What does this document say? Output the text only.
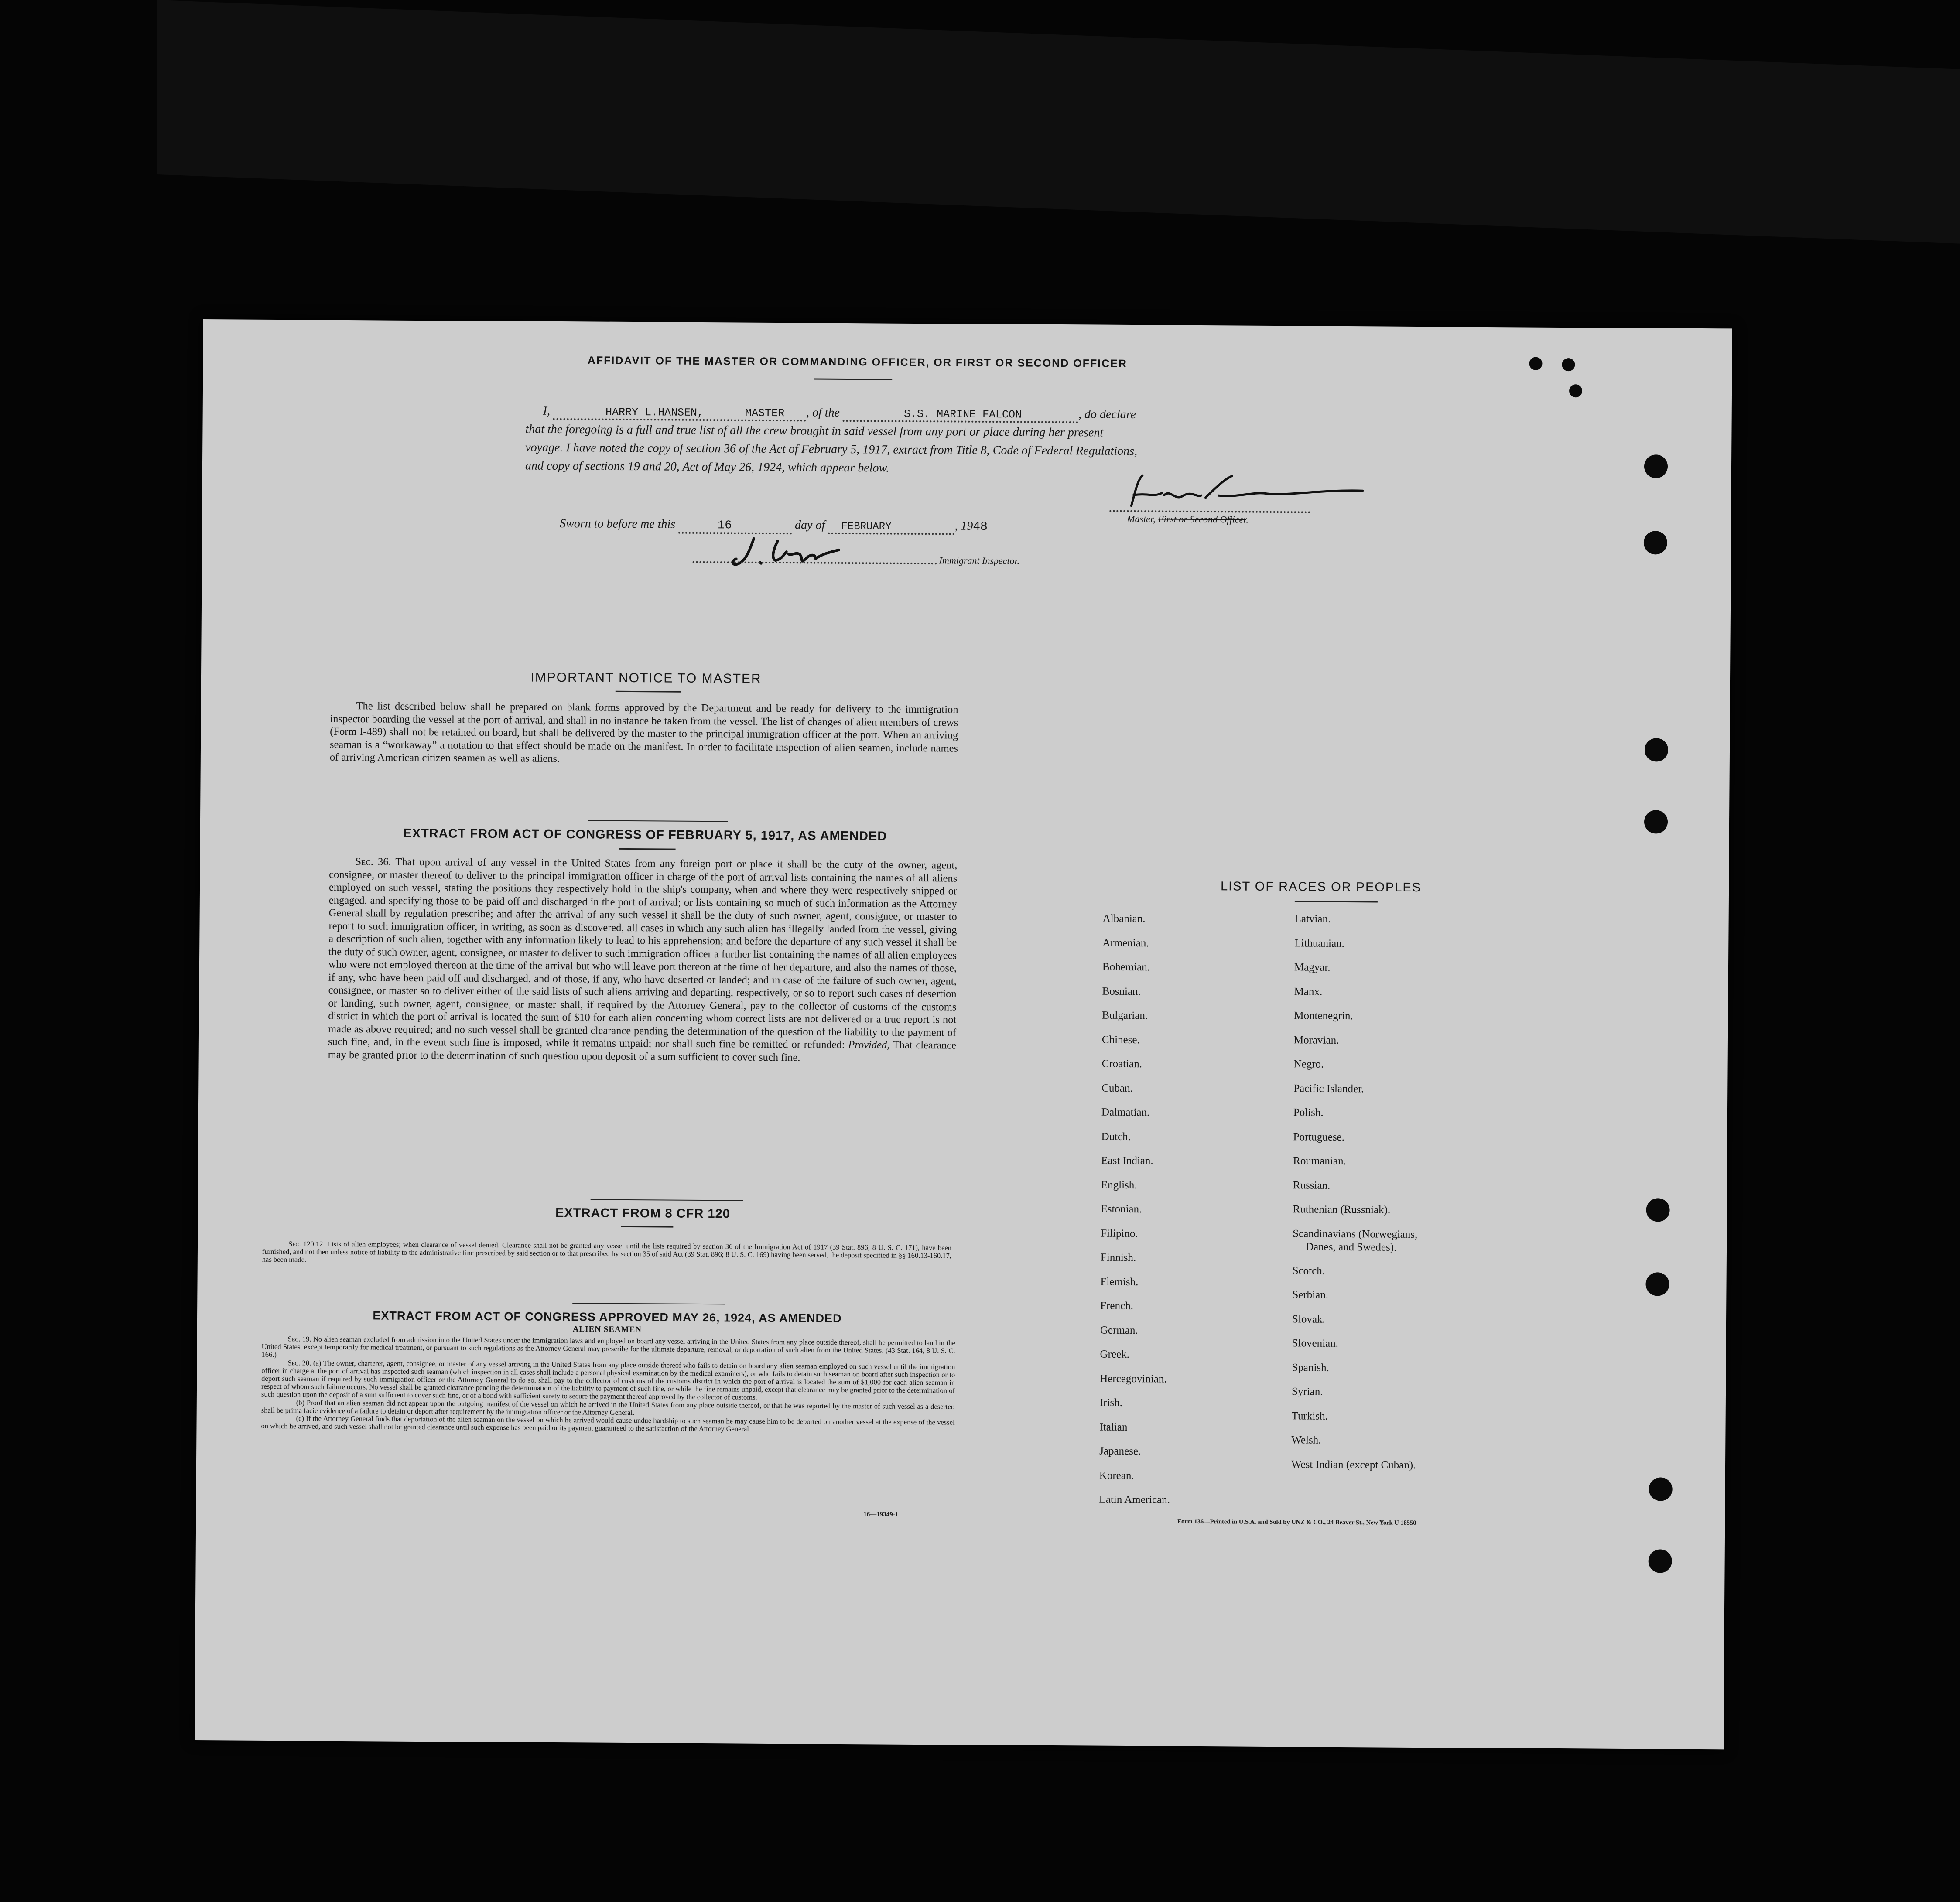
AFFIDAVIT OF THE MASTER OR COMMANDING OFFICER, OR FIRST OR SECOND OFFICER
I,	HARRY L.HANSEN,	MASTER , of the	S.S. MARINE FALCON	, do declare
that the foregoing is a full and true list of all the crew brought in said vessel from any port or place during her present
voyage. I have noted the copy of section 36 of the Act of February 5, 1917, extract from Title 8, Code of Federal Regulations,
and copy of sections 19 and 20, Act of May 26, 1924, which appear below.
Master, First or Second Officer.
Sworn to before me this	16	day of FEBRUARY	, 1948
Immigrant Inspector.
IMPORTANT NOTICE TO MASTER
The list described below shall be prepared on blank forms approved by the Department and be ready for delivery to the immigration inspector boarding the vessel at the port of arrival, and shall in no instance be taken from the vessel. The list of changes of alien members of crews (Form I-489) shall not be retained on board, but shall be delivered by the master to the principal immigration officer at the port. When an arriving seaman is a “workaway” a notation to that effect should be made on the manifest. In order to facilitate inspection of alien seamen, include names of arriving American citizen seamen as well as aliens.
EXTRACT FROM ACT OF CONGRESS OF FEBRUARY 5, 1917, AS AMENDED
Sec. 36. That upon arrival of any vessel in the United States from any foreign port or place it shall be the duty of the owner, agent, consignee, or master thereof to deliver to the principal immigration officer in charge of the port of arrival lists containing the names of all aliens employed on such vessel, stating the positions they respectively hold in the ship's company, when and where they were respectively shipped or engaged, and specifying those to be paid off and discharged in the port of arrival; or lists containing so much of such information as the Attorney General shall by regulation prescribe; and after the arrival of any such vessel it shall be the duty of such owner, agent, consignee, or master to report to such immigration officer, in writing, as soon as discovered, all cases in which any such alien has illegally landed from the vessel, giving a description of such alien, together with any information likely to lead to his apprehension; and before the departure of any such vessel it shall be the duty of such owner, agent, consignee, or master to deliver to such immigration officer a further list containing the names of all alien employees who were not employed thereon at the time of the arrival but who will leave port thereon at the time of her departure, and also the names of those, if any, who have been paid off and discharged, and of those, if any, who have deserted or landed; and in case of the failure of such owner, agent, consignee, or master so to deliver either of the said lists of such aliens arriving and departing, respectively, or so to report such cases of desertion or landing, such owner, agent, consignee, or master shall, if required by the Attorney General, pay to the collector of customs of the customs district in which the port of arrival is located the sum of $10 for each alien concerning whom correct lists are not delivered or a true report is not made as above required; and no such vessel shall be granted clearance pending the determination of the question of the liability to the payment of such fine, and, in the event such fine is imposed, while it remains unpaid; nor shall such fine be remitted or refunded: Provided, That clearance may be granted prior to the determination of such question upon deposit of a sum sufficient to cover such fine.
EXTRACT FROM 8 CFR 120
Sec. 120.12. Lists of alien employees; when clearance of vessel denied. Clearance shall not be granted any vessel until the lists required by section 36 of the Immigration Act of 1917 (39 Stat. 896; 8 U. S. C. 171), have been furnished, and not then unless notice of liability to the administrative fine prescribed by said section or to that prescribed by section 35 of said Act (39 Stat. 896; 8 U. S. C. 169) having been served, the deposit specified in §§ 160.13-160.17, has been made.
EXTRACT FROM ACT OF CONGRESS APPROVED MAY 26, 1924, AS AMENDED
ALIEN SEAMEN
Sec. 19. No alien seaman excluded from admission into the United States under the immigration laws and employed on board any vessel arriving in the United States from any place outside thereof, shall be permitted to land in the United States, except temporarily for medical treatment, or pursuant to such regulations as the Attorney General may prescribe for the ultimate departure, removal, or deportation of such alien from the United States. (43 Stat. 164, 8 U. S. C. 166.)
Sec. 20. (a) The owner, charterer, agent, consignee, or master of any vessel arriving in the United States from any place outside thereof who fails to detain on board any alien seaman employed on such vessel until the immigration officer in charge at the port of arrival has inspected such seaman (which inspection in all cases shall include a personal physical examination by the medical examiners), or who fails to detain such seaman on board after such inspection or to deport such seaman if required by such immigration officer or the Attorney General to do so, shall pay to the collector of customs of the customs district in which the port of arrival is located the sum of $1,000 for each alien seaman in respect of whom such failure occurs. No vessel shall be granted clearance pending the determination of the liability to payment of such fine, or while the fine remains unpaid, except that clearance may be granted prior to the determination of such question upon the deposit of a sum sufficient to cover such fine, or of a bond with sufficient surety to secure the payment thereof approved by the collector of customs.
(b) Proof that an alien seaman did not appear upon the outgoing manifest of the vessel on which he arrived in the United States from any place outside thereof, or that he was reported by the master of such vessel as a deserter, shall be prima facie evidence of a failure to detain or deport after requirement by the immigration officer or the Attorney General.
(c) If the Attorney General finds that deportation of the alien seaman on the vessel on which he arrived would cause undue hardship to such seaman he may cause him to be deported on another vessel at the expense of the vessel on which he arrived, and such vessel shall not be granted clearance until such expense has been paid or its payment guaranteed to the satisfaction of the Attorney General.
16—19349-1
LIST OF RACES OR PEOPLES
Albanian.
Armenian.
Bohemian.
Bosnian.
Bulgarian.
Chinese.
Croatian.
Cuban.
Dalmatian.
Dutch.
East Indian.
English.
Estonian.
Filipino.
Finnish.
Flemish.
French.
German.
Greek.
Hercegovinian.
Irish.
Italian
Japanese.
Korean.
Latin American.
Latvian.
Lithuanian.
Magyar.
Manx.
Montenegrin.
Moravian.
Negro.
Pacific Islander.
Polish.
Portuguese.
Roumanian.
Russian.
Ruthenian (Russniak).
Scandinavians (Norwegians,
Danes, and Swedes).
Scotch.
Serbian.
Slovak.
Slovenian.
Spanish.
Syrian.
Turkish.
Welsh.
West Indian (except Cuban).
Form 136—Printed in U.S.A. and Sold by UNZ & CO., 24 Beaver St., New York U 18550
